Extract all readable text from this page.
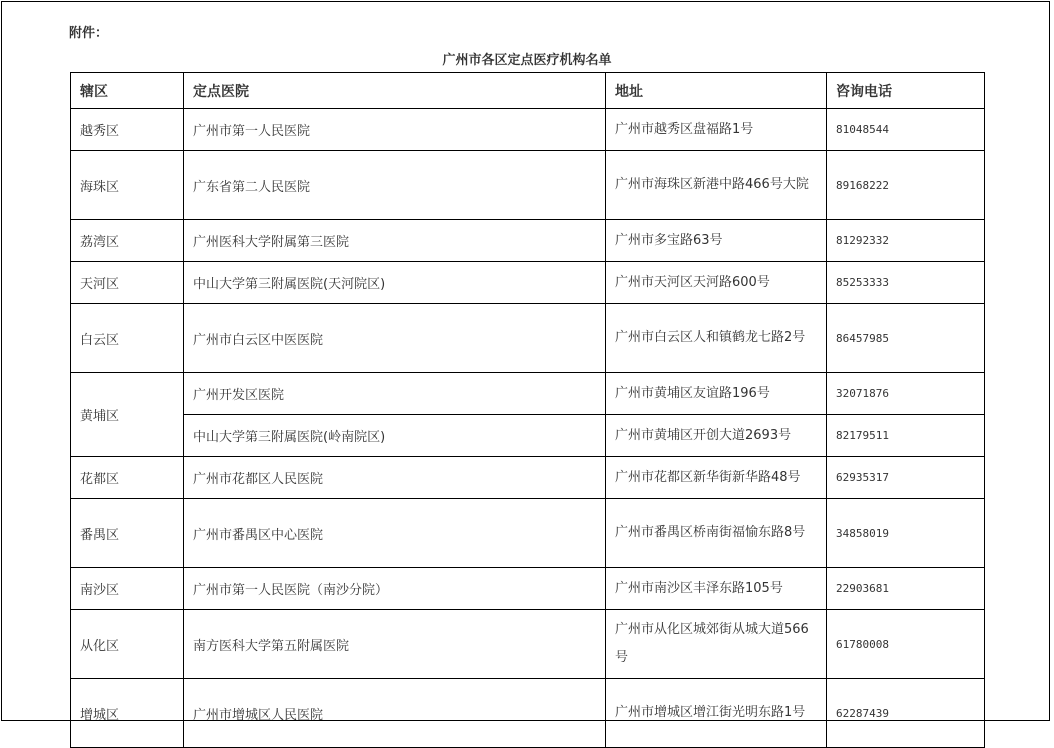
附件：
广州市各区定点医疗机构名单
辖区	定点医院	地址	咨询电话
越秀区	广州市第一人民医院	广州市越秀区盘福路1号	81048544
海珠区	广东省第二人民医院	广州市海珠区新港中路466号大院	89168222
荔湾区	广州医科大学附属第三医院	广州市多宝路63号	81292332
天河区	中山大学第三附属医院(天河院区)	广州市天河区天河路600号	85253333
白云区	广州市白云区中医医院	广州市白云区人和镇鹤龙七路2号	86457985
黄埔区	广州开发区医院	广州市黄埔区友谊路196号	32071876
	中山大学第三附属医院(岭南院区)	广州市黄埔区开创大道2693号	82179511
花都区	广州市花都区人民医院	广州市花都区新华街新华路48号	62935317
番禺区	广州市番禺区中心医院	广州市番禺区桥南街福愉东路8号	34858019
南沙区	广州市第一人民医院（南沙分院）	广州市南沙区丰泽东路105号	22903681
从化区	南方医科大学第五附属医院	广州市从化区城郊街从城大道566号	61780008
增城区	广州市增城区人民医院	广州市增城区增江街光明东路1号	62287439
